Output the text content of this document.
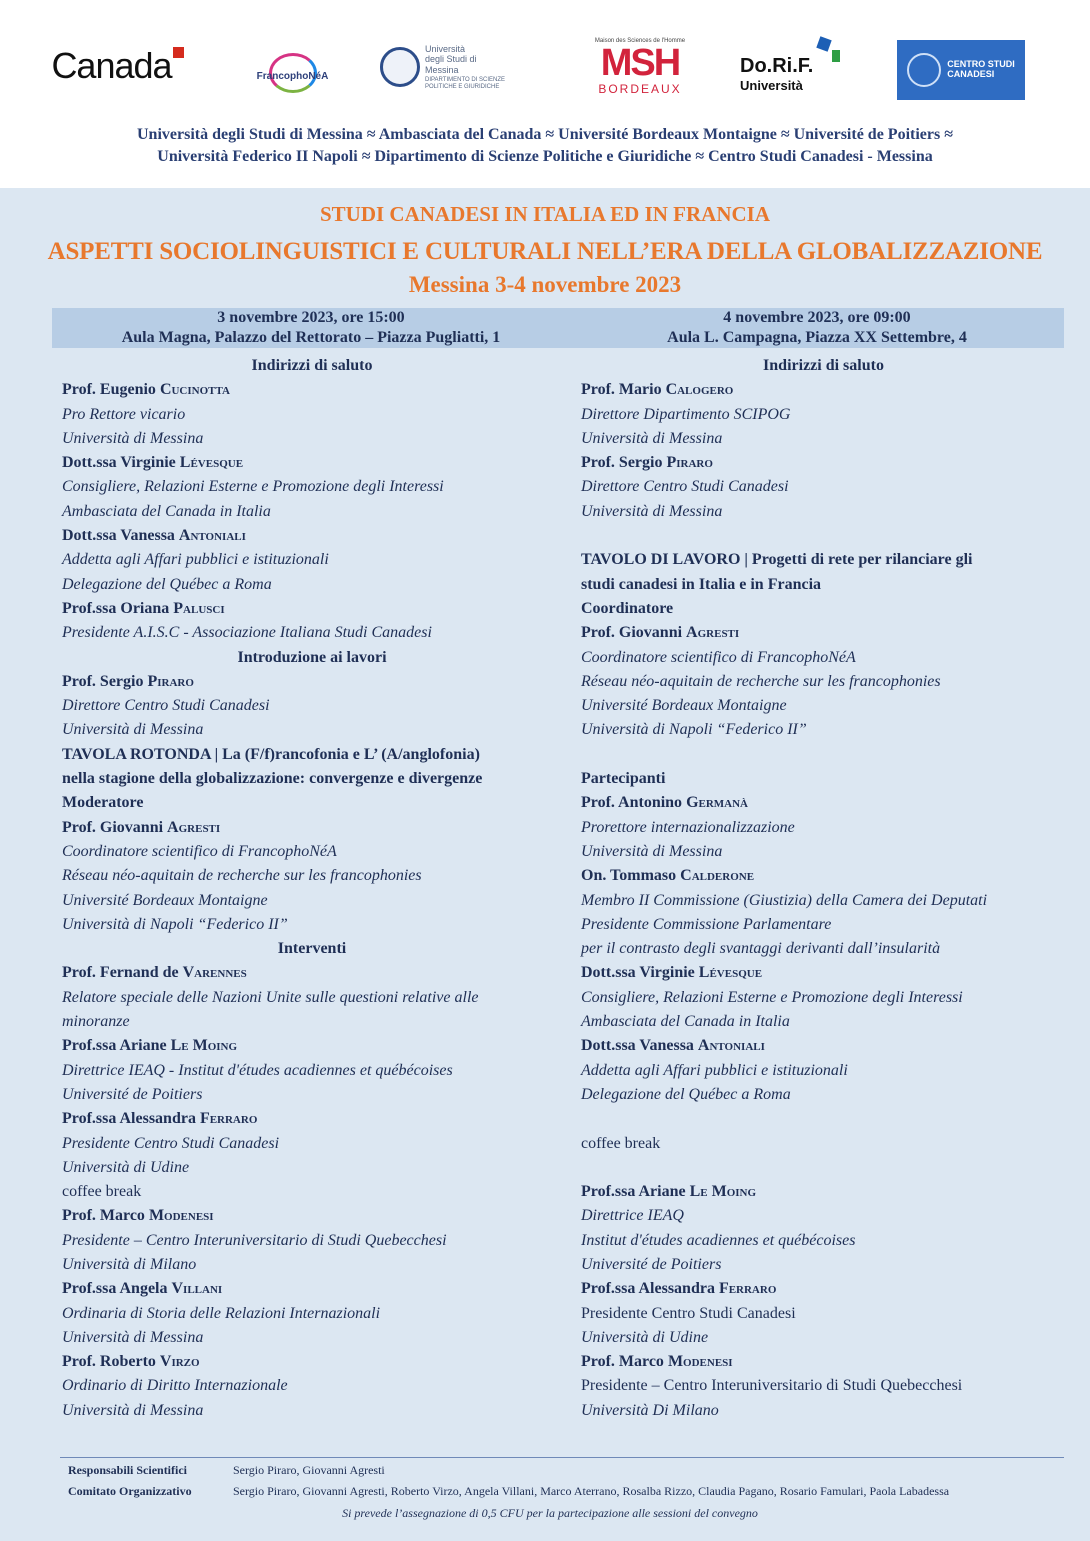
Canada	FrancophoNéA
Università
degli Studi di
Messina
DIPARTIMENTO DI SCIENZE POLITICHE E GIURIDICHE
Maison des Sciences de l'Homme
MSH
BORDEAUX
Do.Ri.F.
Università
CENTRO STUDI
CANADESI
Università degli Studi di Messina ≈ Ambasciata del Canada ≈ Université Bordeaux Montaigne ≈ Université de Poitiers ≈
Università Federico II Napoli ≈ Dipartimento di Scienze Politiche e Giuridiche ≈ Centro Studi Canadesi - Messina
STUDI CANADESI IN ITALIA ED IN FRANCIA
ASPETTI SOCIOLINGUISTICI E CULTURALI NELL’ERA DELLA GLOBALIZZAZIONE
Messina 3-4 novembre 2023
3 novembre 2023, ore 15:00
Aula Magna, Palazzo del Rettorato – Piazza Pugliatti, 1
4 novembre 2023, ore 09:00
Aula L. Campagna, Piazza XX Settembre, 4
Indirizzi di saluto
Prof. Eugenio Cucinotta
Pro Rettore vicario
Università di Messina
Dott.ssa Virginie Lévesque
Consigliere, Relazioni Esterne e Promozione degli Interessi
Ambasciata del Canada in Italia
Dott.ssa Vanessa Antoniali
Addetta agli Affari pubblici e istituzionali
Delegazione del Québec a Roma
Prof.ssa Oriana Palusci
Presidente A.I.S.C - Associazione Italiana Studi Canadesi
Introduzione ai lavori
Prof. Sergio Piraro
Direttore Centro Studi Canadesi
Università di Messina
TAVOLA ROTONDA | La (F/f)rancofonia e L’ (A/anglofonia)
nella stagione della globalizzazione: convergenze e divergenze
Moderatore
Prof. Giovanni Agresti
Coordinatore scientifico di FrancophoNéA
Réseau néo-aquitain de recherche sur les francophonies
Université Bordeaux Montaigne
Università di Napoli “Federico II”
Interventi
Prof. Fernand de Varennes
Relatore speciale delle Nazioni Unite sulle questioni relative alle
minoranze
Prof.ssa Ariane Le Moing
Direttrice IEAQ - Institut d'études acadiennes et québécoises
Université de Poitiers
Prof.ssa Alessandra Ferraro
Presidente Centro Studi Canadesi
Università di Udine
coffee break
Prof. Marco Modenesi
Presidente – Centro Interuniversitario di Studi Quebecchesi
Università di Milano
Prof.ssa Angela Villani
Ordinaria di Storia delle Relazioni Internazionali
Università di Messina
Prof. Roberto Virzo
Ordinario di Diritto Internazionale
Università di Messina
Indirizzi di saluto
Prof. Mario Calogero
Direttore Dipartimento SCIPOG
Università di Messina
Prof. Sergio Piraro
Direttore Centro Studi Canadesi
Università di Messina
TAVOLO DI LAVORO | Progetti di rete per rilanciare gli
studi canadesi in Italia e in Francia
Coordinatore
Prof. Giovanni Agresti
Coordinatore scientifico di FrancophoNéA
Réseau néo-aquitain de recherche sur les francophonies
Université Bordeaux Montaigne
Università di Napoli “Federico II”
Partecipanti
Prof. Antonino Germanà
Prorettore internazionalizzazione
Università di Messina
On. Tommaso Calderone
Membro II Commissione (Giustizia) della Camera dei Deputati
Presidente Commissione Parlamentare
per il contrasto degli svantaggi derivanti dall’insularità
Dott.ssa Virginie Lévesque
Consigliere, Relazioni Esterne e Promozione degli Interessi
Ambasciata del Canada in Italia
Dott.ssa Vanessa Antoniali
Addetta agli Affari pubblici e istituzionali
Delegazione del Québec a Roma
coffee break
Prof.ssa Ariane Le Moing
Direttrice IEAQ
Institut d'études acadiennes et québécoises
Université de Poitiers
Prof.ssa Alessandra Ferraro
Presidente Centro Studi Canadesi
Università di Udine
Prof. Marco Modenesi
Presidente – Centro Interuniversitario di Studi Quebecchesi
Università Di Milano
Responsabili Scientifici	Sergio Piraro, Giovanni Agresti
Comitato Organizzativo	Sergio Piraro, Giovanni Agresti, Roberto Virzo, Angela Villani, Marco Aterrano, Rosalba Rizzo, Claudia Pagano, Rosario Famulari, Paola Labadessa
Si prevede l’assegnazione di 0,5 CFU per la partecipazione alle sessioni del convegno
